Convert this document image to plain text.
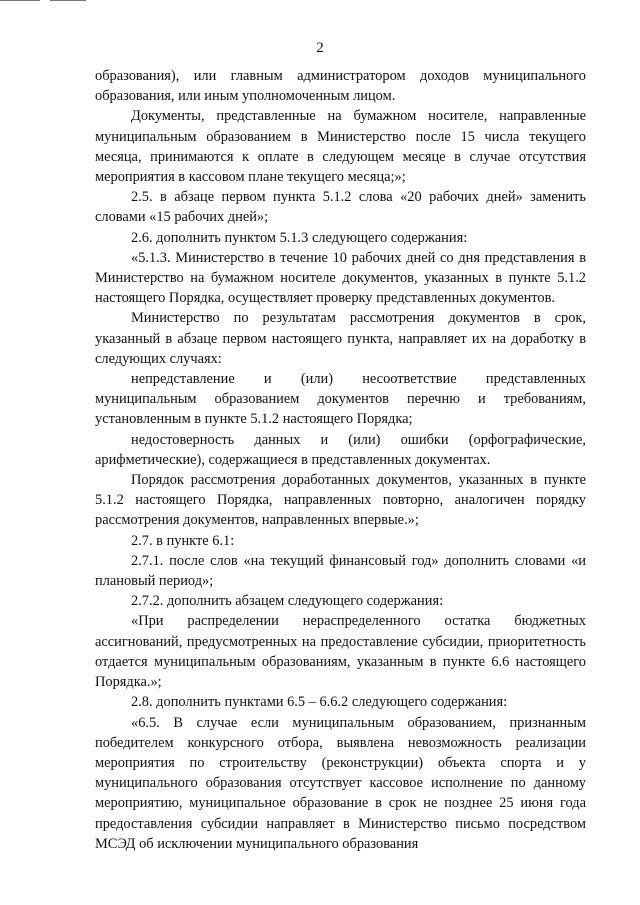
2

образования), или главным администратором доходов муниципального образования, или иным уполномоченным лицом.

Документы, представленные на бумажном носителе, направленные муниципальным образованием в Министерство после 15 числа текущего месяца, принимаются к оплате в следующем месяце в случае отсутствия мероприятия в кассовом плане текущего месяца;»;

2.5. в абзаце первом пункта 5.1.2 слова «20 рабочих дней» заменить словами «15 рабочих дней»;

2.6. дополнить пунктом 5.1.3 следующего содержания:

«5.1.3. Министерство в течение 10 рабочих дней со дня представления в Министерство на бумажном носителе документов, указанных в пункте 5.1.2 настоящего Порядка, осуществляет проверку представленных документов.

Министерство по результатам рассмотрения документов в срок, указанный в абзаце первом настоящего пункта, направляет их на доработку в следующих случаях:

непредставление и (или) несоответствие представленных муниципальным образованием документов перечню и требованиям, установленным в пункте 5.1.2 настоящего Порядка;

недостоверность данных и (или) ошибки (орфографические, арифметические), содержащиеся в представленных документах.

Порядок рассмотрения доработанных документов, указанных в пункте 5.1.2 настоящего Порядка, направленных повторно, аналогичен порядку рассмотрения документов, направленных впервые.»;

2.7. в пункте 6.1:

2.7.1. после слов «на текущий финансовый год» дополнить словами «и плановый период»;

2.7.2. дополнить абзацем следующего содержания:

«При распределении нераспределенного остатка бюджетных ассигнований, предусмотренных на предоставление субсидии, приоритетность отдается муниципальным образованиям, указанным в пункте 6.6 настоящего Порядка.»;

2.8. дополнить пунктами 6.5 – 6.6.2 следующего содержания:

«6.5. В случае если муниципальным образованием, признанным победителем конкурсного отбора, выявлена невозможность реализации мероприятия по строительству (реконструкции) объекта спорта и у муниципального образования отсутствует кассовое исполнение по данному мероприятию, муниципальное образование в срок не позднее 25 июня года предоставления субсидии направляет в Министерство письмо посредством МСЭД об исключении муниципального образования
